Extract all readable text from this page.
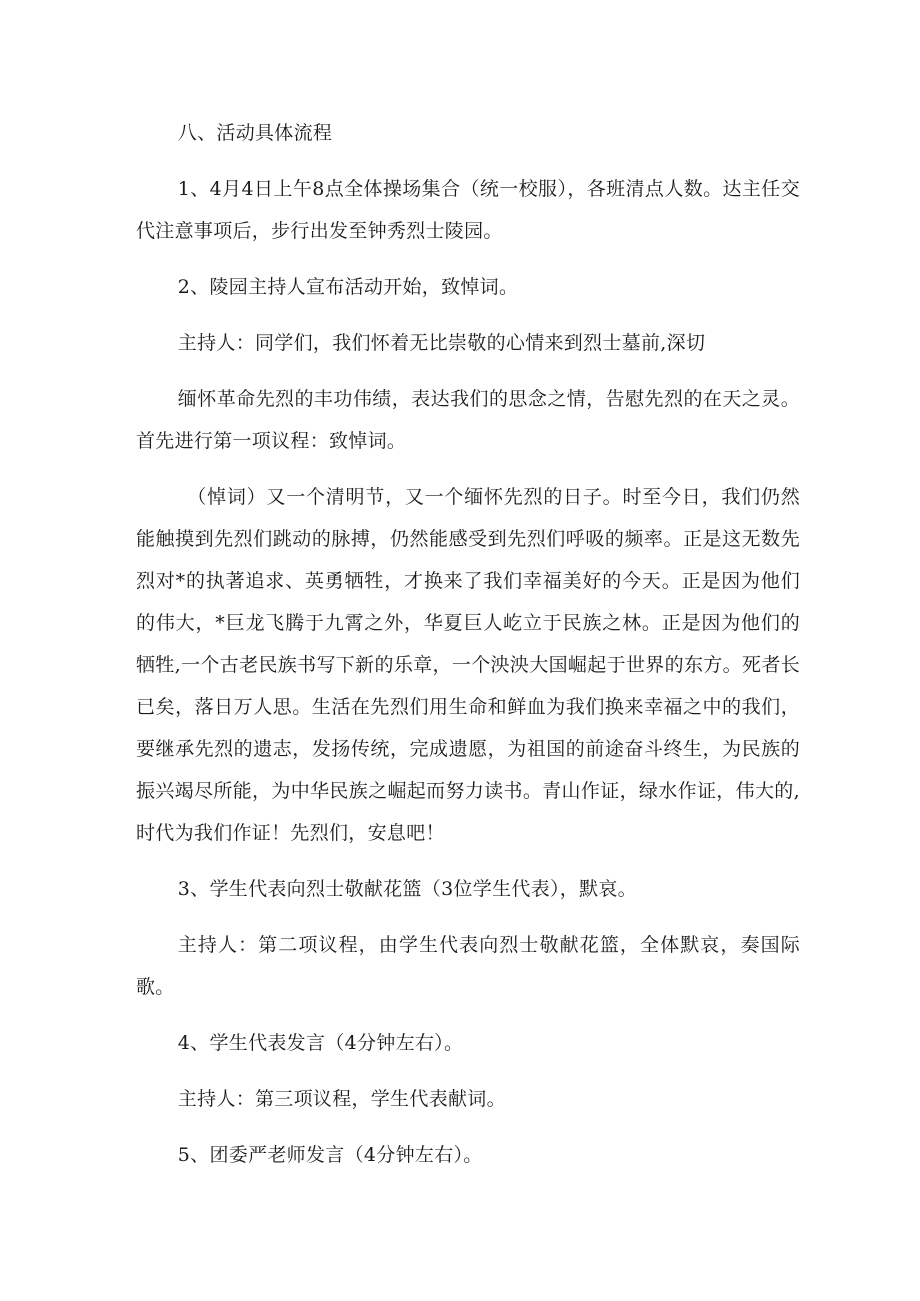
八、活动具体流程

1、4月4日上午8点全体操场集合（统一校服），各班清点人数。达主任交代注意事项后，步行出发至钟秀烈士陵园。

2、陵园主持人宣布活动开始，致悼词。

主持人：同学们，我们怀着无比崇敬的心情来到烈士墓前,深切

缅怀革命先烈的丰功伟绩，表达我们的思念之情，告慰先烈的在天之灵。首先进行第一项议程：致悼词。

（悼词）又一个清明节，又一个缅怀先烈的日子。时至今日，我们仍然能触摸到先烈们跳动的脉搏，仍然能感受到先烈们呼吸的频率。正是这无数先烈对*的执著追求、英勇牺牲，才换来了我们幸福美好的今天。正是因为他们的伟大，*巨龙飞腾于九霄之外，华夏巨人屹立于民族之林。正是因为他们的牺牲,一个古老民族书写下新的乐章，一个泱泱大国崛起于世界的东方。死者长已矣，落日万人思。生活在先烈们用生命和鲜血为我们换来幸福之中的我们，要继承先烈的遗志，发扬传统，完成遗愿，为祖国的前途奋斗终生，为民族的振兴竭尽所能，为中华民族之崛起而努力读书。青山作证，绿水作证，伟大的,时代为我们作证！先烈们，安息吧！

3、学生代表向烈士敬献花篮（3位学生代表），默哀。

主持人：第二项议程，由学生代表向烈士敬献花篮，全体默哀，奏国际歌。

4、学生代表发言（4分钟左右）。

主持人：第三项议程，学生代表献词。

5、团委严老师发言（4分钟左右）。
